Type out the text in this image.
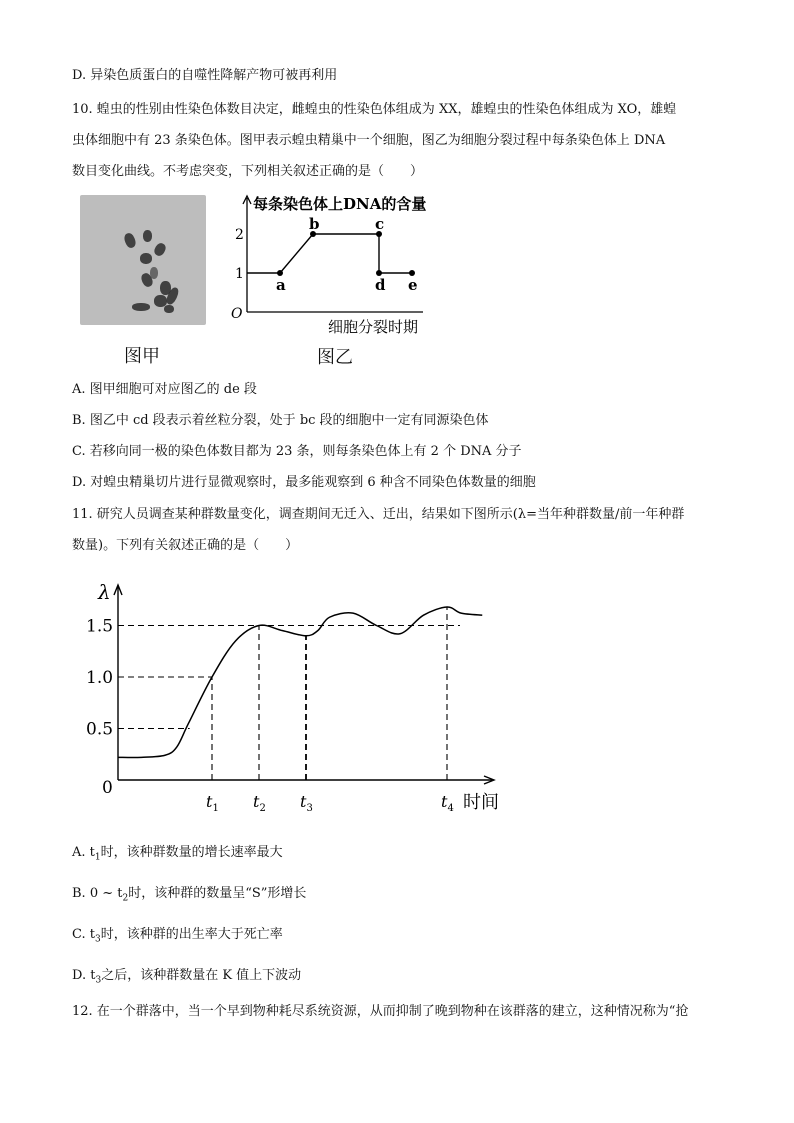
D. 异染色质蛋白的自噬性降解产物可被再利用
10. 蝗虫的性别由性染色体数目决定，雌蝗虫的性染色体组成为 XX，雄蝗虫的性染色体组成为 XO，雄蝗
虫体细胞中有 23 条染色体。图甲表示蝗虫精巢中一个细胞，图乙为细胞分裂过程中每条染色体上 DNA
数目变化曲线。不考虑突变，下列相关叙述正确的是（　　）
每条染色体上DNA的含量
细胞分裂时期
O
1
2
a
b	c
d e
图甲	图乙
A. 图甲细胞可对应图乙的 de 段
B. 图乙中 cd 段表示着丝粒分裂，处于 bc 段的细胞中一定有同源染色体
C. 若移向同一极的染色体数目都为 23 条，则每条染色体上有 2 个 DNA 分子
D. 对蝗虫精巢切片进行显微观察时，最多能观察到 6 种含不同染色体数量的细胞
11. 研究人员调查某种群数量变化，调查期间无迁入、迁出，结果如下图所示(λ=当年种群数量/前一年种群
数量)。下列有关叙述正确的是（　　）
λ
时间
0
0.5
1.0
1.5
$t_1$ $t_2$ $t_3$	$t_4$
A. $t_1$时，该种群数量的增长速率最大
B. 0 ~ $t_2$时，该种群的数量呈“S”形增长
C. $t_3$时，该种群的出生率大于死亡率
D. $t_3$之后，该种群数量在 K 值上下波动
12. 在一个群落中，当一个早到物种耗尽系统资源，从而抑制了晚到物种在该群落的建立，这种情况称为“抢
